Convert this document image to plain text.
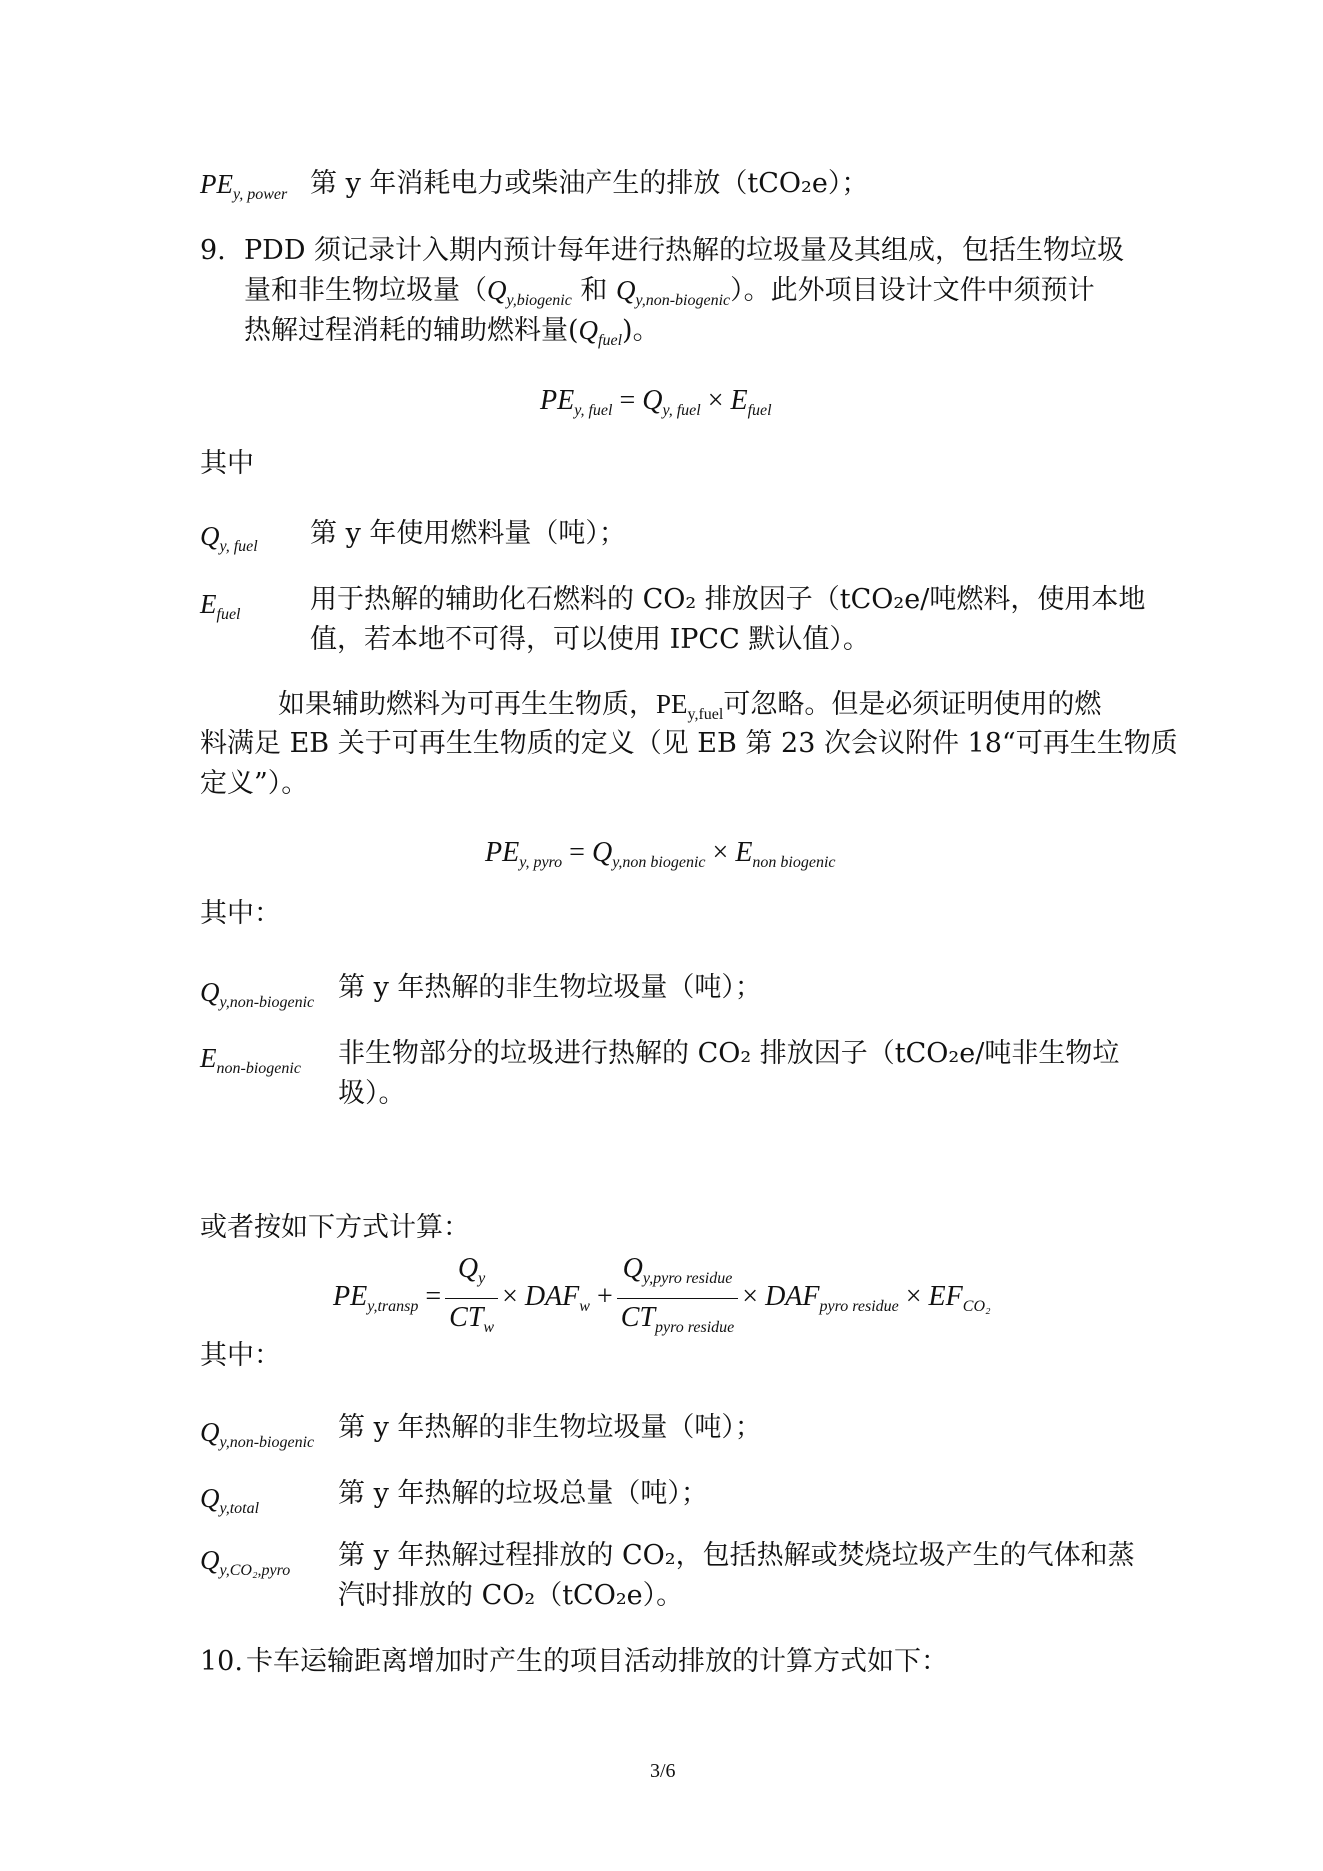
$PE_{y, power}$ 第 y 年消耗电力或柴油产生的排放（tCO₂e）；
9. PDD 须记录计入期内预计每年进行热解的垃圾量及其组成，包括生物垃圾
量和非生物垃圾量（$Q_{y,biogenic}$ 和 $Q_{y,non-biogenic}$）。此外项目设计文件中须预计
热解过程消耗的辅助燃料量$(Q_{fuel})$。
$PE_{y, fuel} = Q_{y, fuel} \times E_{fuel}$
其中
$Q_{y, fuel}$ 第 y 年使用燃料量（吨）；
$E_{fuel}$	用于热解的辅助化石燃料的 CO₂ 排放因子（tCO₂e/吨燃料，使用本地
值，若本地不可得，可以使用 IPCC 默认值）。
如果辅助燃料为可再生生物质，$PE_{y,fuel}$可忽略。但是必须证明使用的燃
料满足 EB 关于可再生生物质的定义（见 EB 第 23 次会议附件 18“可再生生物质
定义”）。
$PE_{y, pyro} = Q_{y,non biogenic} \times E_{non biogenic}$
其中：
$Q_{y,non-biogenic}$ 第 y 年热解的非生物垃圾量（吨）；
$E_{non-biogenic}$ 非生物部分的垃圾进行热解的 CO₂ 排放因子（tCO₂e/吨非生物垃
圾）。
或者按如下方式计算：
$PE_{y,transp} = \frac{Q_y}{CT_w} \times DAF_w + \frac{Q_{y,pyro residue}}{CT_{pyro residue}} \times DAF_{pyro residue} \times EF_{CO_2}$
其中：
$Q_{y,non-biogenic}$ 第 y 年热解的非生物垃圾量（吨）；
$Q_{y,total}$	第 y 年热解的垃圾总量（吨）；
$Q_{y,CO_2,pyro}$ 第 y 年热解过程排放的 CO₂，包括热解或焚烧垃圾产生的气体和蒸
汽时排放的 CO₂（tCO₂e）。
10. 卡车运输距离增加时产生的项目活动排放的计算方式如下：
3/6
